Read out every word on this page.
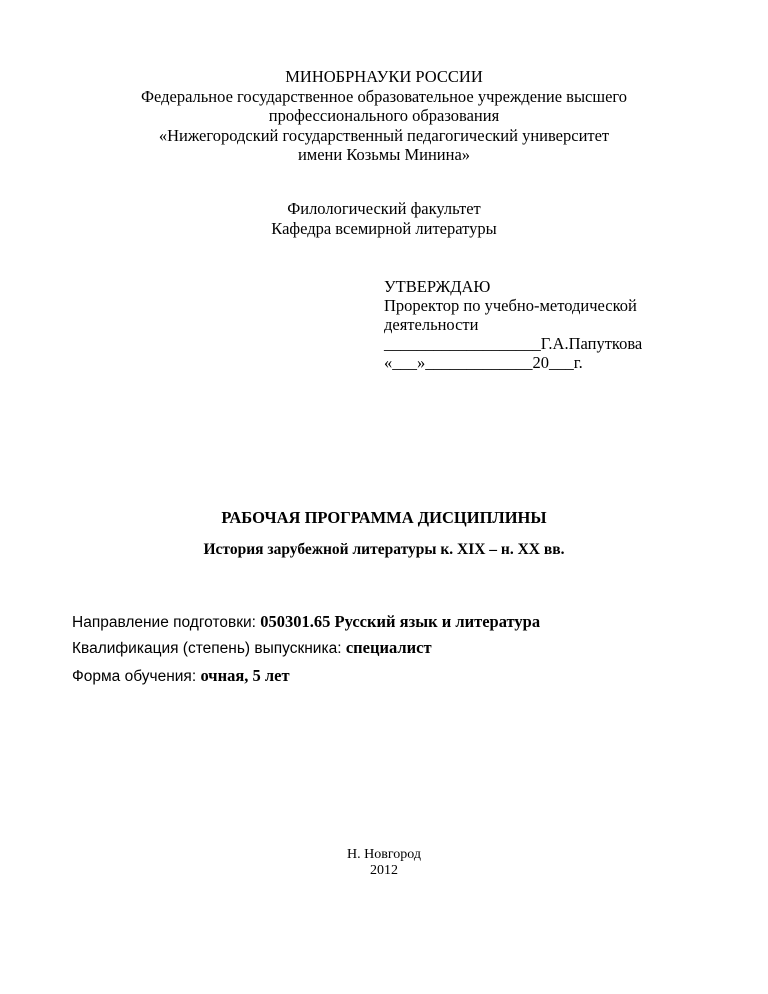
МИНОБРНАУКИ РОССИИ
Федеральное государственное образовательное учреждение высшего
профессионального образования
«Нижегородский государственный педагогический университет
имени Козьмы Минина»
Филологический факультет
Кафедра всемирной литературы
УТВЕРЖДАЮ
Проректор по учебно-методической
деятельности
___________________Г.А.Папуткова
«___»_____________20___г.
РАБОЧАЯ ПРОГРАММА ДИСЦИПЛИНЫ
История зарубежной литературы к. XIX – н. XX вв.
Направление подготовки: 050301.65 Русский язык и литература
Квалификация (степень) выпускника: специалист
Форма обучения: очная, 5 лет
Н. Новгород
2012
